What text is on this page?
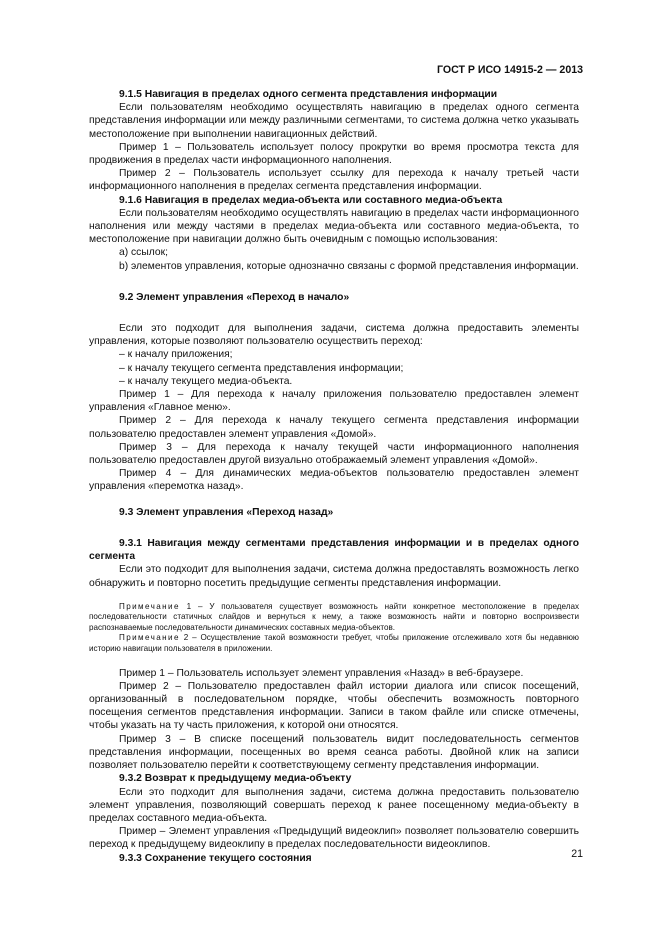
ГОСТ Р ИСО 14915-2 — 2013

9.1.5 Навигация в пределах одного сегмента представления информации

Если пользователям необходимо осуществлять навигацию в пределах одного сегмента представления информации или между различными сегментами, то система должна четко указывать местоположение при выполнении навигационных действий.

Пример 1 – Пользователь использует полосу прокрутки во время просмотра текста для продвижения в пределах части информационного наполнения.

Пример 2 – Пользователь использует ссылку для перехода к началу третьей части информационного наполнения в пределах сегмента представления информации.

9.1.6 Навигация в пределах медиа-объекта или составного медиа-объекта

Если пользователям необходимо осуществлять навигацию в пределах части информационного наполнения или между частями в пределах медиа-объекта или составного медиа-объекта, то местоположение при навигации должно быть очевидным с помощью использования:

а) ссылок;

b) элементов управления, которые однозначно связаны с формой представления информации.

9.2 Элемент управления «Переход в начало»

Если это подходит для выполнения задачи, система должна предоставить элементы управления, которые позволяют пользователю осуществить переход:

– к началу приложения;

– к началу текущего сегмента представления информации;

– к началу текущего медиа-объекта.

Пример 1 – Для перехода к началу приложения пользователю предоставлен элемент управления «Главное меню».

Пример 2 – Для перехода к началу текущего сегмента представления информации пользователю предоставлен элемент управления «Домой».

Пример 3 – Для перехода к началу текущей части информационного наполнения пользователю предоставлен другой визуально отображаемый элемент управления «Домой».

Пример 4 – Для динамических медиа-объектов пользователю предоставлен элемент управления «перемотка назад».

9.3 Элемент управления «Переход назад»

9.3.1 Навигация между сегментами представления информации и в пределах одного сегмента

Если это подходит для выполнения задачи, система должна предоставлять возможность легко обнаружить и повторно посетить предыдущие сегменты представления информации.

Примечание 1 – У пользователя существует возможность найти конкретное местоположение в пределах последовательности статичных слайдов и вернуться к нему, а также возможность найти и повторно воспроизвести распознаваемые последовательности динамических составных медиа-объектов.

Примечание 2 – Осуществление такой возможности требует, чтобы приложение отслеживало хотя бы недавнюю историю навигации пользователя в приложении.

Пример 1 – Пользователь использует элемент управления «Назад» в веб-браузере.

Пример 2 – Пользователю предоставлен файл истории диалога или список посещений, организованный в последовательном порядке, чтобы обеспечить возможность повторного посещения сегментов представления информации. Записи в таком файле или списке отмечены, чтобы указать на ту часть приложения, к которой они относятся.

Пример 3 – В списке посещений пользователь видит последовательность сегментов представления информации, посещенных во время сеанса работы. Двойной клик на записи позволяет пользователю перейти к соответствующему сегменту представления информации.

9.3.2 Возврат к предыдущему медиа-объекту

Если это подходит для выполнения задачи, система должна предоставить пользователю элемент управления, позволяющий совершать переход к ранее посещенному медиа-объекту в пределах составного медиа-объекта.

Пример – Элемент управления «Предыдущий видеоклип» позволяет пользователю совершить переход к предыдущему видеоклипу в пределах последовательности видеоклипов.

9.3.3 Сохранение текущего состояния	21
